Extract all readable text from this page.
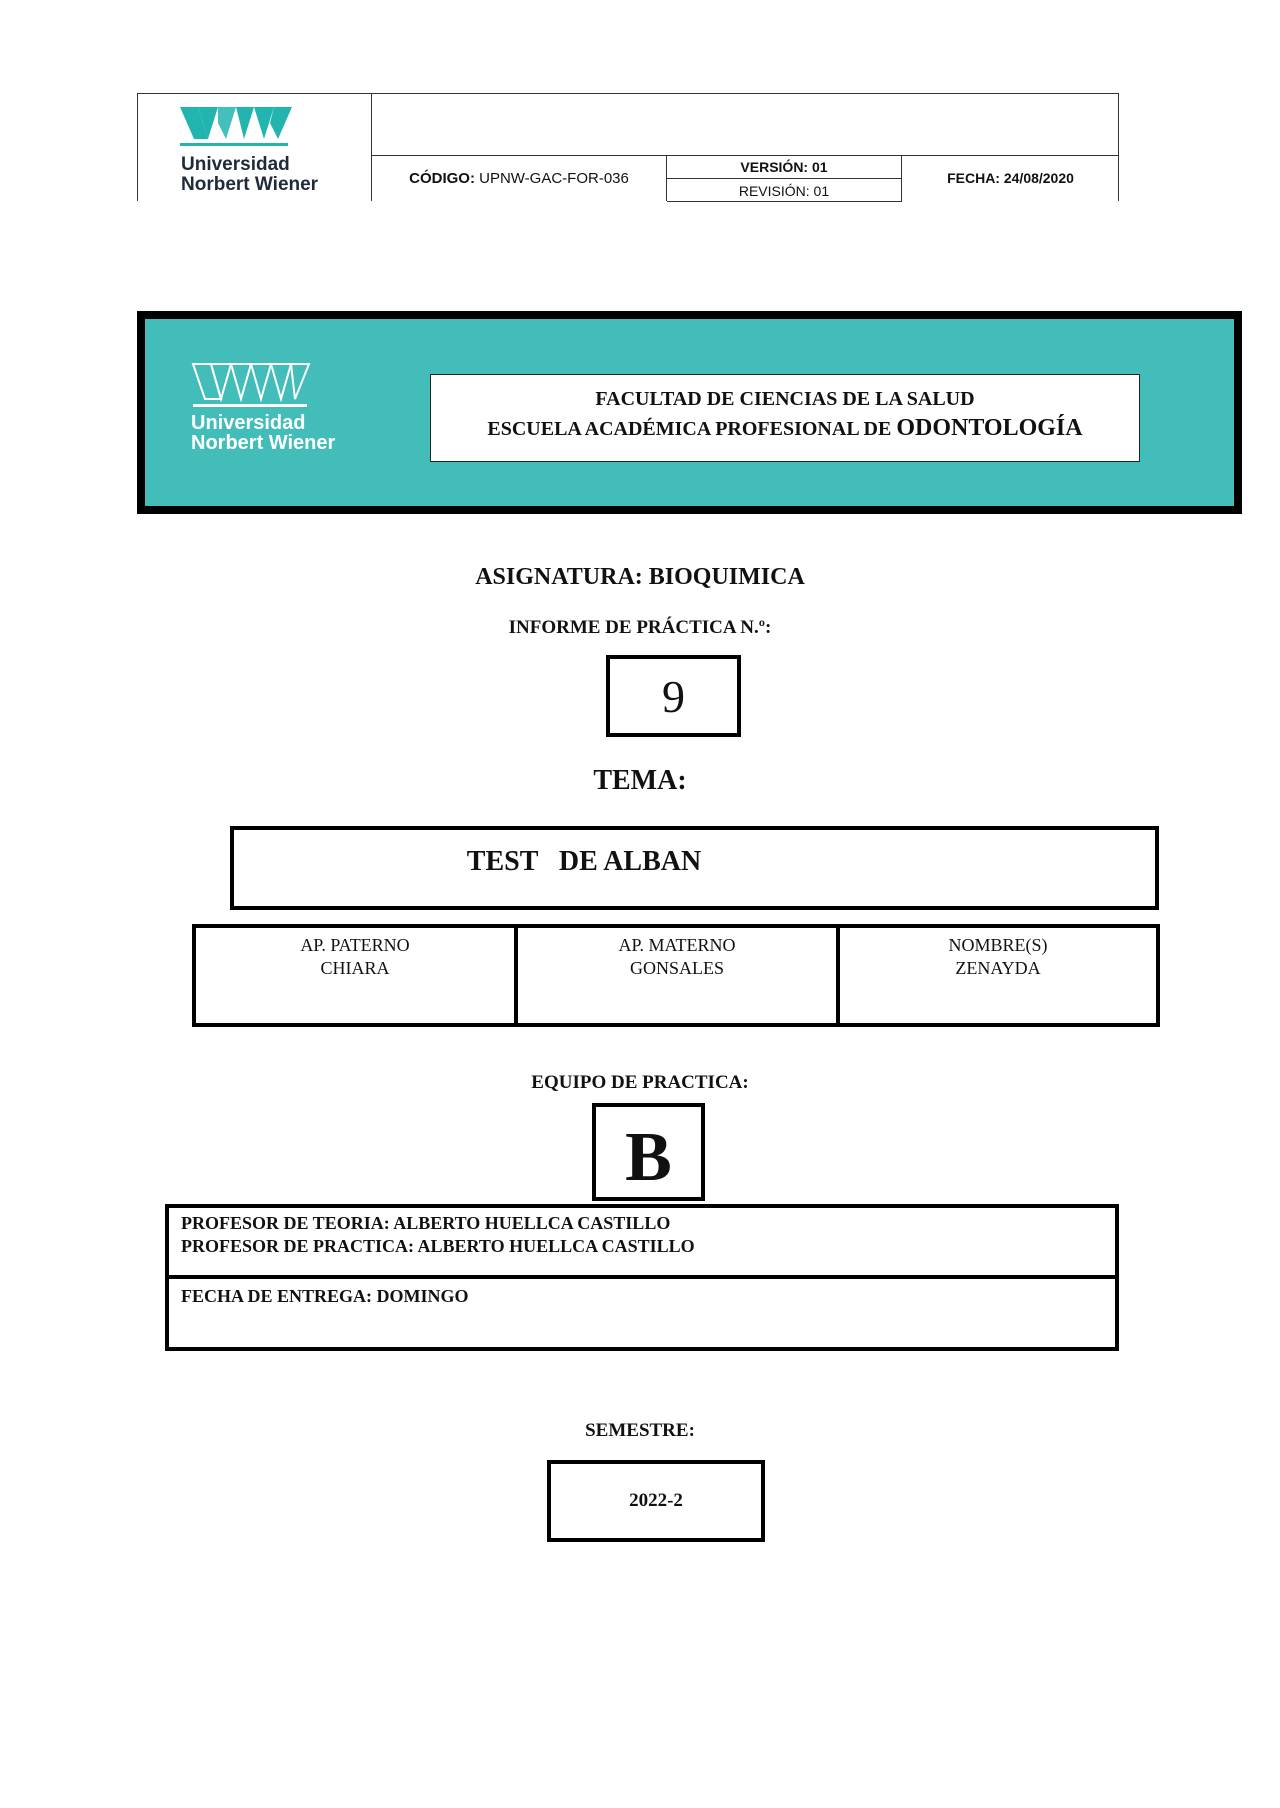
Universidad
Norbert Wiener	CÓDIGO:
UPNW-GAC-FOR-036
VERSIÓN: 01
REVISIÓN: 01
FECHA: 24/08/2020
Universidad
Norbert Wiener
FACULTAD DE CIENCIAS DE LA SALUD
ESCUELA ACADÉMICA PROFESIONAL DE ODONTOLOGÍA
ASIGNATURA: BIOQUIMICA
INFORME DE PRÁCTICA N.º:
9
TEMA:
TEST   DE ALBAN
AP. PATERNO
CHIARA
AP. MATERNO
GONSALES
NOMBRE(S)
ZENAYDA
EQUIPO DE PRACTICA:
B
PROFESOR DE TEORIA: ALBERTO HUELLCA CASTILLO
PROFESOR DE PRACTICA: ALBERTO HUELLCA CASTILLO
FECHA DE ENTREGA: DOMINGO
SEMESTRE:
2022-2
